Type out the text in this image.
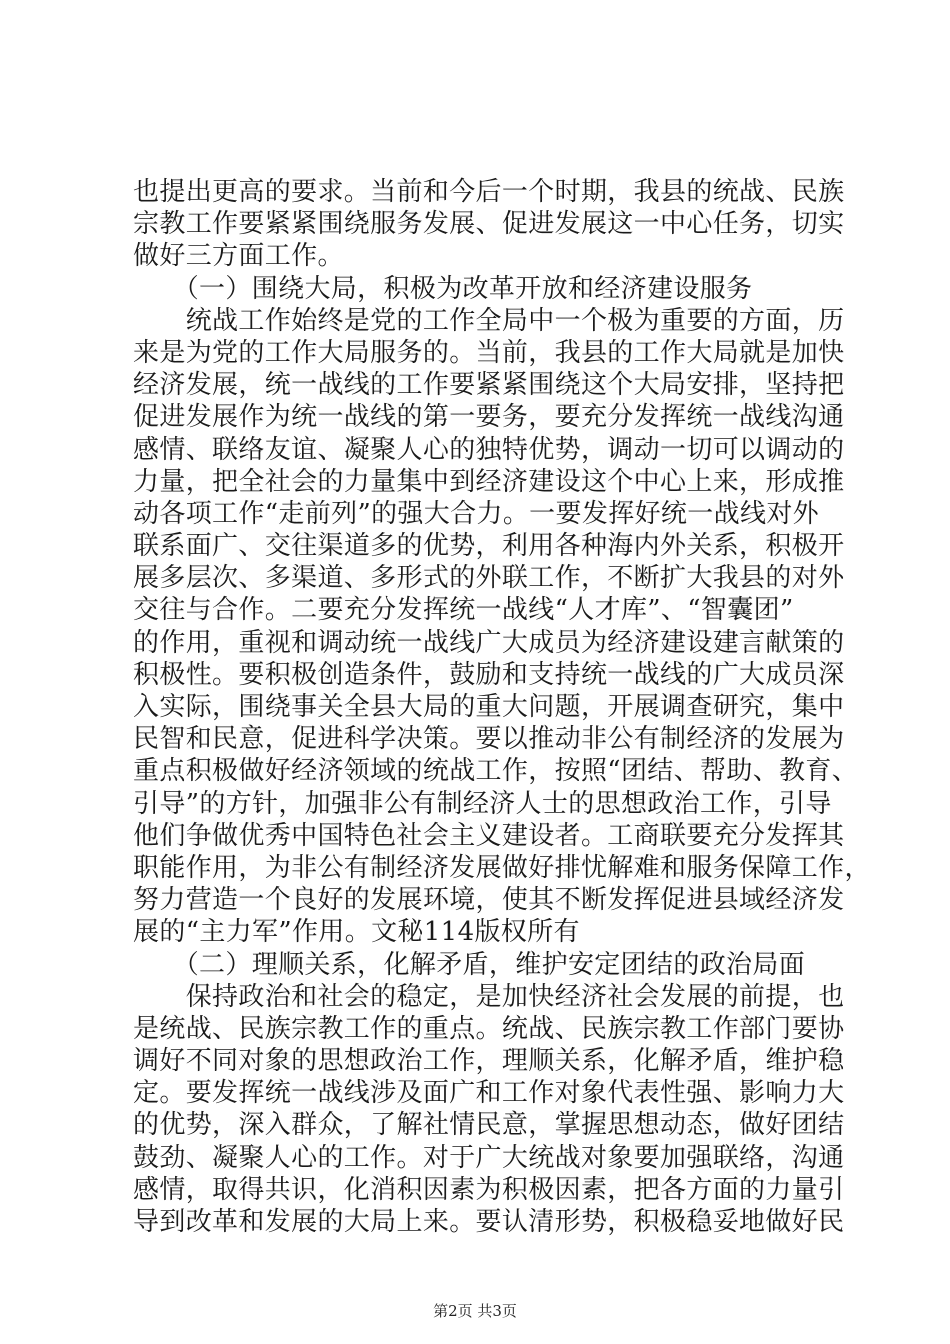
也提出更高的要求。当前和今后一个时期，我县的统战、民族
宗教工作要紧紧围绕服务发展、促进发展这一中心任务，切实
做好三方面工作。
　　（一）围绕大局，积极为改革开放和经济建设服务
　　统战工作始终是党的工作全局中一个极为重要的方面，历
来是为党的工作大局服务的。当前，我县的工作大局就是加快
经济发展，统一战线的工作要紧紧围绕这个大局安排，坚持把
促进发展作为统一战线的第一要务，要充分发挥统一战线沟通
感情、联络友谊、凝聚人心的独特优势，调动一切可以调动的
力量，把全社会的力量集中到经济建设这个中心上来，形成推
动各项工作“走前列”的强大合力。一要发挥好统一战线对外
联系面广、交往渠道多的优势，利用各种海内外关系，积极开
展多层次、多渠道、多形式的外联工作，不断扩大我县的对外
交往与合作。二要充分发挥统一战线“人才库”、“智囊团”
的作用，重视和调动统一战线广大成员为经济建设建言献策的
积极性。要积极创造条件，鼓励和支持统一战线的广大成员深
入实际，围绕事关全县大局的重大问题，开展调查研究，集中
民智和民意，促进科学决策。要以推动非公有制经济的发展为
重点积极做好经济领域的统战工作，按照“团结、帮助、教育、
引导”的方针，加强非公有制经济人士的思想政治工作，引导
他们争做优秀中国特色社会主义建设者。工商联要充分发挥其
职能作用，为非公有制经济发展做好排忧解难和服务保障工作，
努力营造一个良好的发展环境，使其不断发挥促进县域经济发
展的“主力军”作用。文秘114版权所有
　　（二）理顺关系，化解矛盾，维护安定团结的政治局面
　　保持政治和社会的稳定，是加快经济社会发展的前提，也
是统战、民族宗教工作的重点。统战、民族宗教工作部门要协
调好不同对象的思想政治工作，理顺关系，化解矛盾，维护稳
定。要发挥统一战线涉及面广和工作对象代表性强、影响力大
的优势，深入群众，了解社情民意，掌握思想动态，做好团结
鼓劲、凝聚人心的工作。对于广大统战对象要加强联络，沟通
感情，取得共识，化消积因素为积极因素，把各方面的力量引
导到改革和发展的大局上来。要认清形势，积极稳妥地做好民
第2页 共3页
